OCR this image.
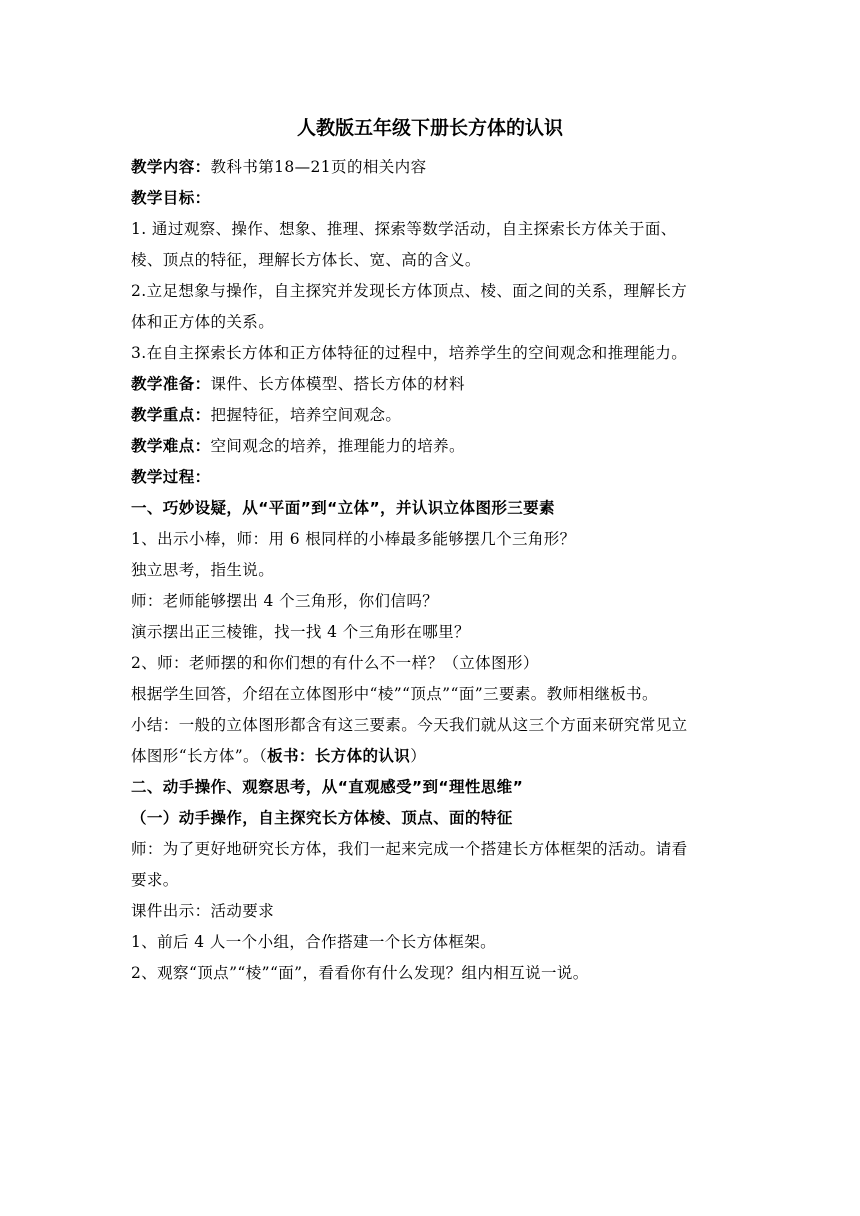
人教版五年级下册长方体的认识

教学内容：教科书第18—21页的相关内容

教学目标：

1. 通过观察、操作、想象、推理、探索等数学活动，自主探索长方体关于面、

棱、顶点的特征，理解长方体长、宽、高的含义。

2.立足想象与操作，自主探究并发现长方体顶点、棱、面之间的关系，理解长方

体和正方体的关系。

3.在自主探索长方体和正方体特征的过程中，培养学生的空间观念和推理能力。

教学准备：课件、长方体模型、搭长方体的材料

教学重点：把握特征，培养空间观念。

教学难点：空间观念的培养，推理能力的培养。

教学过程：

一、巧妙设疑，从“平面”到“立体”，并认识立体图形三要素

1、出示小棒，师：用 6 根同样的小棒最多能够摆几个三角形？

独立思考，指生说。

师：老师能够摆出 4 个三角形，你们信吗？

演示摆出正三棱锥，找一找 4 个三角形在哪里？

2、师：老师摆的和你们想的有什么不一样？（立体图形）

根据学生回答，介绍在立体图形中“棱”“顶点”“面”三要素。教师相继板书。

小结：一般的立体图形都含有这三要素。今天我们就从这三个方面来研究常见立

体图形“长方体”。（板书：长方体的认识）

二、动手操作、观察思考，从“直观感受”到“理性思维”

（一）动手操作，自主探究长方体棱、顶点、面的特征

师：为了更好地研究长方体，我们一起来完成一个搭建长方体框架的活动。请看

要求。

课件出示：活动要求

1、前后 4 人一个小组，合作搭建一个长方体框架。

2、观察“顶点”“棱”“面”，看看你有什么发现？组内相互说一说。
